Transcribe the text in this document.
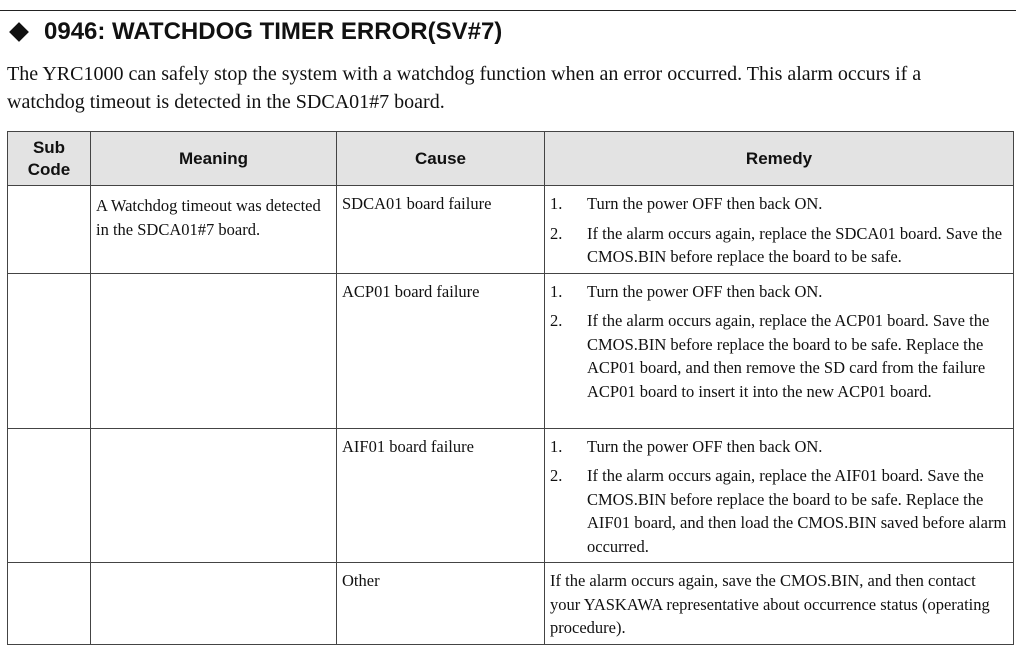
0946: WATCHDOG TIMER ERROR(SV#7)

The YRC1000 can safely stop the system with a watchdog function when an error occurred. This alarm occurs if a

watchdog timeout is detected in the SDCA01#7 board.

Sub
Code	Meaning	Cause	Remedy
	A Watchdog timeout was detected in the SDCA01#7 board.	SDCA01 board failure	1. Turn the power OFF then back ON.
2. If the alarm occurs again, replace the SDCA01 board. Save the CMOS.BIN before replace the board to be safe.

		ACP01 board failure	1. Turn the power OFF then back ON.
2. If the alarm occurs again, replace the ACP01 board. Save the CMOS.BIN before replace the board to be safe. Replace the ACP01 board, and then remove the SD card from the failure ACP01 board to insert it into the new ACP01 board.

		AIF01 board failure	1. Turn the power OFF then back ON.
2. If the alarm occurs again, replace the AIF01 board. Save the CMOS.BIN before replace the board to be safe. Replace the AIF01 board, and then load the CMOS.BIN saved before alarm occurred.

		Other	If the alarm occurs again, save the CMOS.BIN, and then contact your YASKAWA representative about occurrence status (operating procedure).
